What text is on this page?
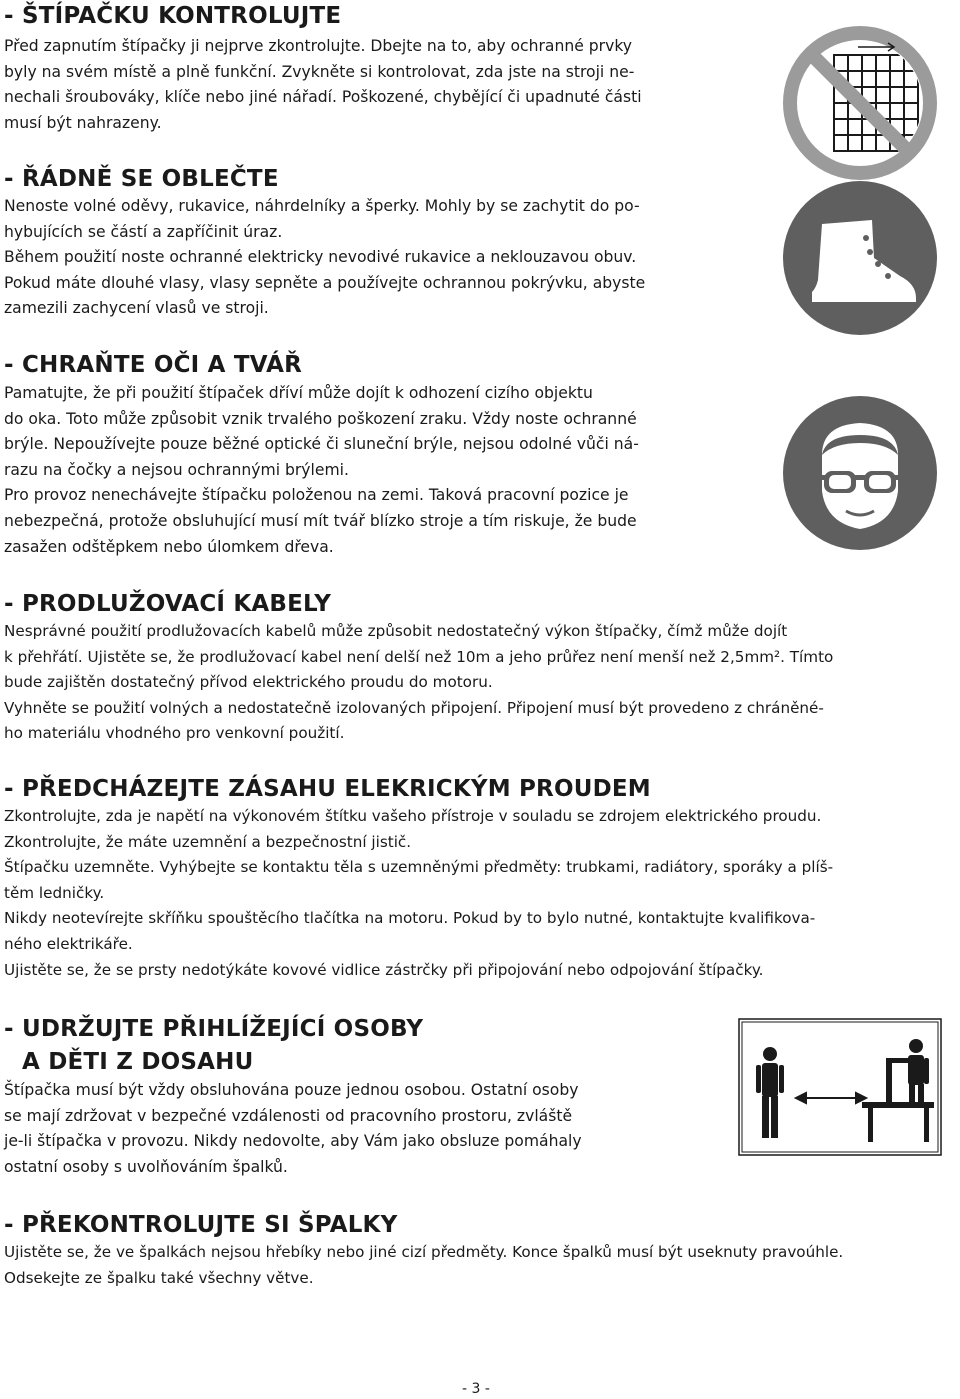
- ŠTÍPAČKU KONTROLUJTE
Před zapnutím štípačky ji nejprve zkontrolujte. Dbejte na to, aby ochranné prvky
byly na svém místě a plně funkční. Zvykněte si kontrolovat, zda jste na stroji ne-
nechali šroubováky, klíče nebo jiné nářadí. Poškozené, chybějící či upadnuté části
musí být nahrazeny.
- ŘÁDNĚ SE OBLEČTE
Nenoste volné oděvy, rukavice, náhrdelníky a šperky. Mohly by se zachytit do po-
hybujících se částí a zapříčinit úraz.
Během použití noste ochranné elektricky nevodivé rukavice a neklouzavou obuv.
Pokud máte dlouhé vlasy, vlasy sepněte a používejte ochrannou pokrývku, abyste
zamezili zachycení vlasů ve stroji.
- CHRAŇTE OČI A TVÁŘ
Pamatujte, že při použití štípaček dříví může dojít k odhození cizího objektu
do oka. Toto může způsobit vznik trvalého poškození zraku. Vždy noste ochranné
brýle. Nepoužívejte pouze běžné optické či sluneční brýle, nejsou odolné vůči ná-
razu na čočky a nejsou ochrannými brýlemi.
Pro provoz nenechávejte štípačku položenou na zemi. Taková pracovní pozice je
nebezpečná, protože obsluhující musí mít tvář blízko stroje a tím riskuje, že bude
zasažen odštěpkem nebo úlomkem dřeva.
- PRODLUŽOVACÍ KABELY
Nesprávné použití prodlužovacích kabelů může způsobit nedostatečný výkon štípačky, čímž může dojít
k přehřátí. Ujistěte se, že prodlužovací kabel není delší než 10m a jeho průřez není menší než 2,5mm². Tímto
bude zajištěn dostatečný přívod elektrického proudu do motoru.
Vyhněte se použití volných a nedostatečně izolovaných připojení. Připojení musí být provedeno z chráněné-
ho materiálu vhodného pro venkovní použití.
- PŘEDCHÁZEJTE ZÁSAHU ELEKRICKÝM PROUDEM
Zkontrolujte, zda je napětí na výkonovém štítku vašeho přístroje v souladu se zdrojem elektrického proudu.
Zkontrolujte, že máte uzemnění a bezpečnostní jistič.
Štípačku uzemněte. Vyhýbejte se kontaktu těla s uzemněnými předměty: trubkami, radiátory, sporáky a plíš-
těm ledničky.
Nikdy neotevírejte skříňku spouštěcího tlačítka na motoru. Pokud by to bylo nutné, kontaktujte kvalifikova-
ného elektrikáře.
Ujistěte se, že se prsty nedotýkáte kovové vidlice zástrčky při připojování nebo odpojování štípačky.
- UDRŽUJTE PŘIHLÍŽEJÍCÍ OSOBY
A DĚTI Z DOSAHU
Štípačka musí být vždy obsluhována pouze jednou osobou. Ostatní osoby
se mají zdržovat v bezpečné vzdálenosti od pracovního prostoru, zvláště
je-li štípačka v provozu. Nikdy nedovolte, aby Vám jako obsluze pomáhaly
ostatní osoby s uvolňováním špalků.
- PŘEKONTROLUJTE SI ŠPALKY
Ujistěte se, že ve špalkách nejsou hřebíky nebo jiné cizí předměty. Konce špalků musí být useknuty pravoúhle.
Odsekejte ze špalku také všechny větve.
- 3 -
